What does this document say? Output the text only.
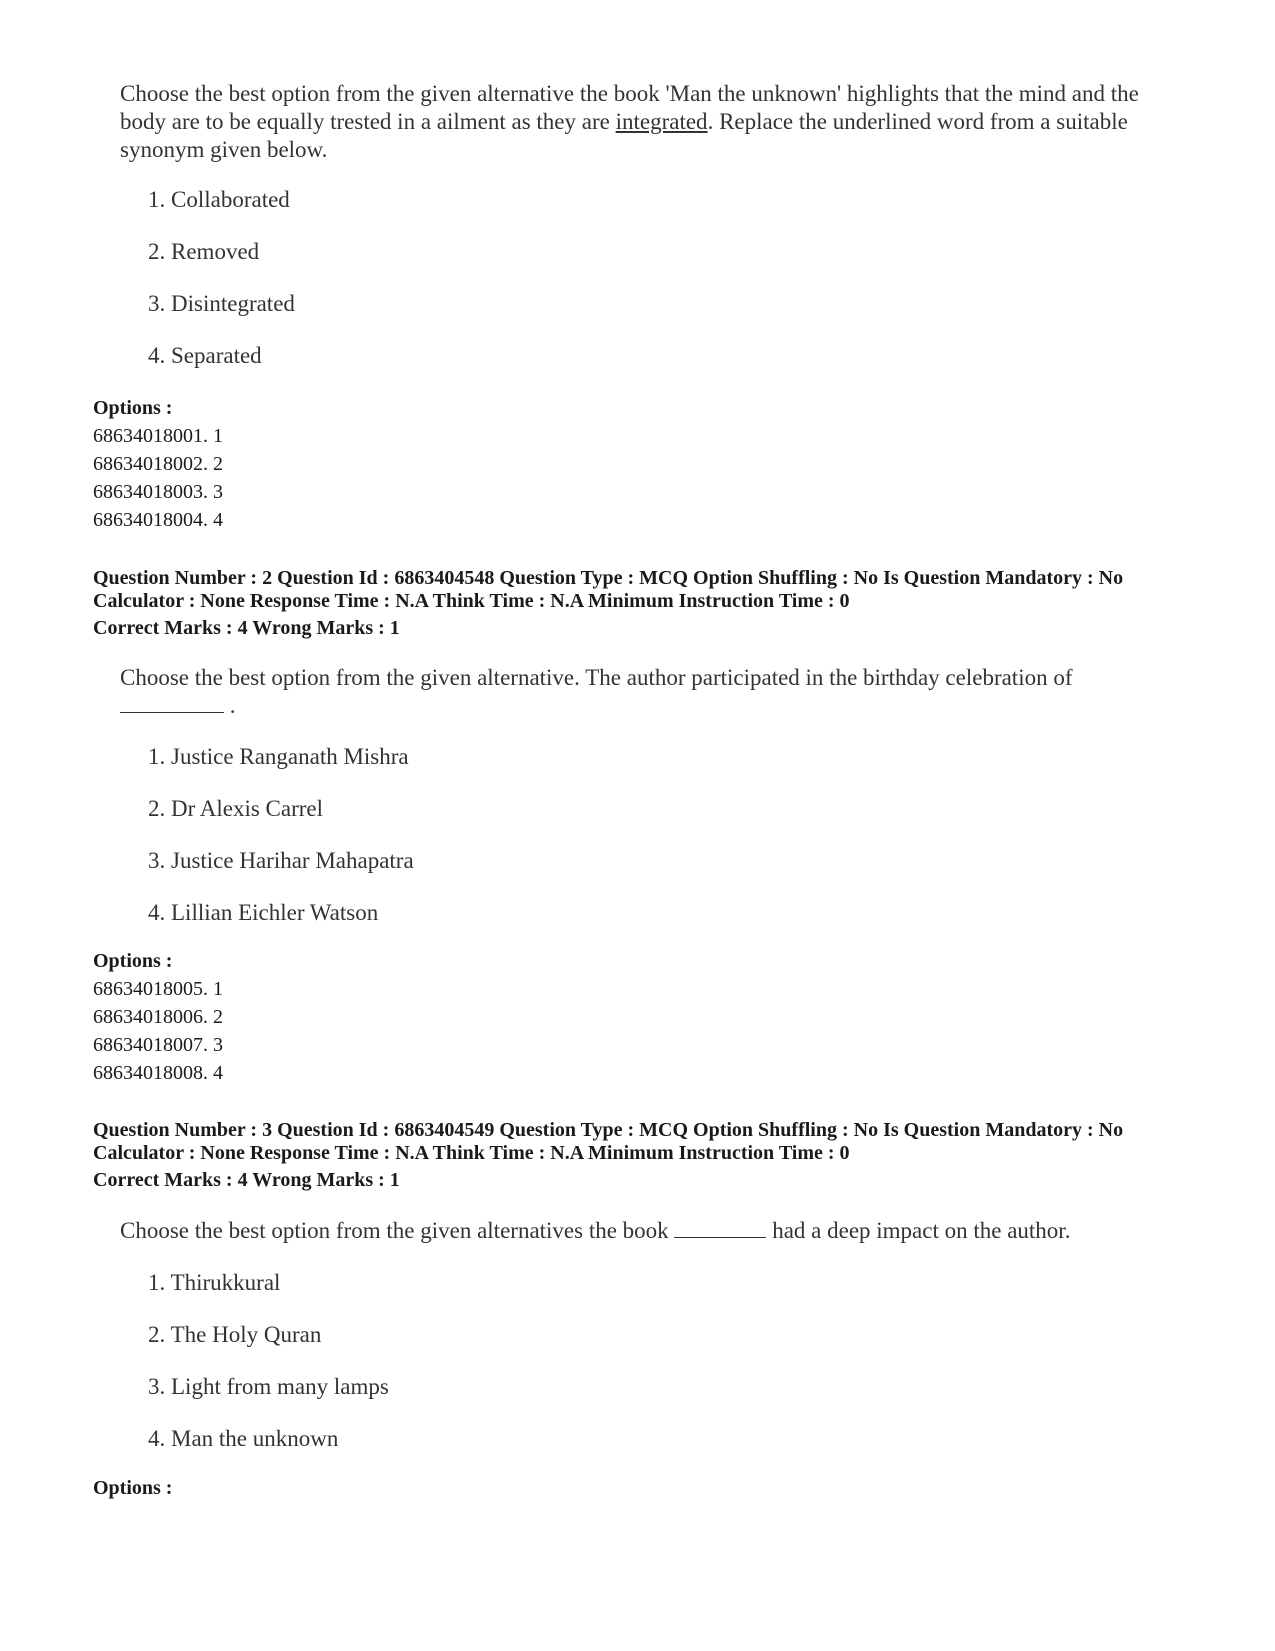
Choose the best option from the given alternative the book 'Man the unknown' highlights that the mind and the body are to be equally trested in a ailment as they are integrated. Replace the underlined word from a suitable synonym given below.
1. Collaborated
2. Removed
3. Disintegrated
4. Separated
Options :
68634018001. 1
68634018002. 2
68634018003. 3
68634018004. 4
Question Number : 2 Question Id : 6863404548 Question Type : MCQ Option Shuffling : No Is Question Mandatory : No
Calculator : None Response Time : N.A Think Time : N.A Minimum Instruction Time : 0
Correct Marks : 4 Wrong Marks : 1
Choose the best option from the given alternative. The author participated in the birthday celebration of
.
1. Justice Ranganath Mishra
2. Dr Alexis Carrel
3. Justice Harihar Mahapatra
4. Lillian Eichler Watson
Options :
68634018005. 1
68634018006. 2
68634018007. 3
68634018008. 4
Question Number : 3 Question Id : 6863404549 Question Type : MCQ Option Shuffling : No Is Question Mandatory : No
Calculator : None Response Time : N.A Think Time : N.A Minimum Instruction Time : 0
Correct Marks : 4 Wrong Marks : 1
Choose the best option from the given alternatives the book	had a deep impact on the author.
1. Thirukkural
2. The Holy Quran
3. Light from many lamps
4. Man the unknown
Options :
